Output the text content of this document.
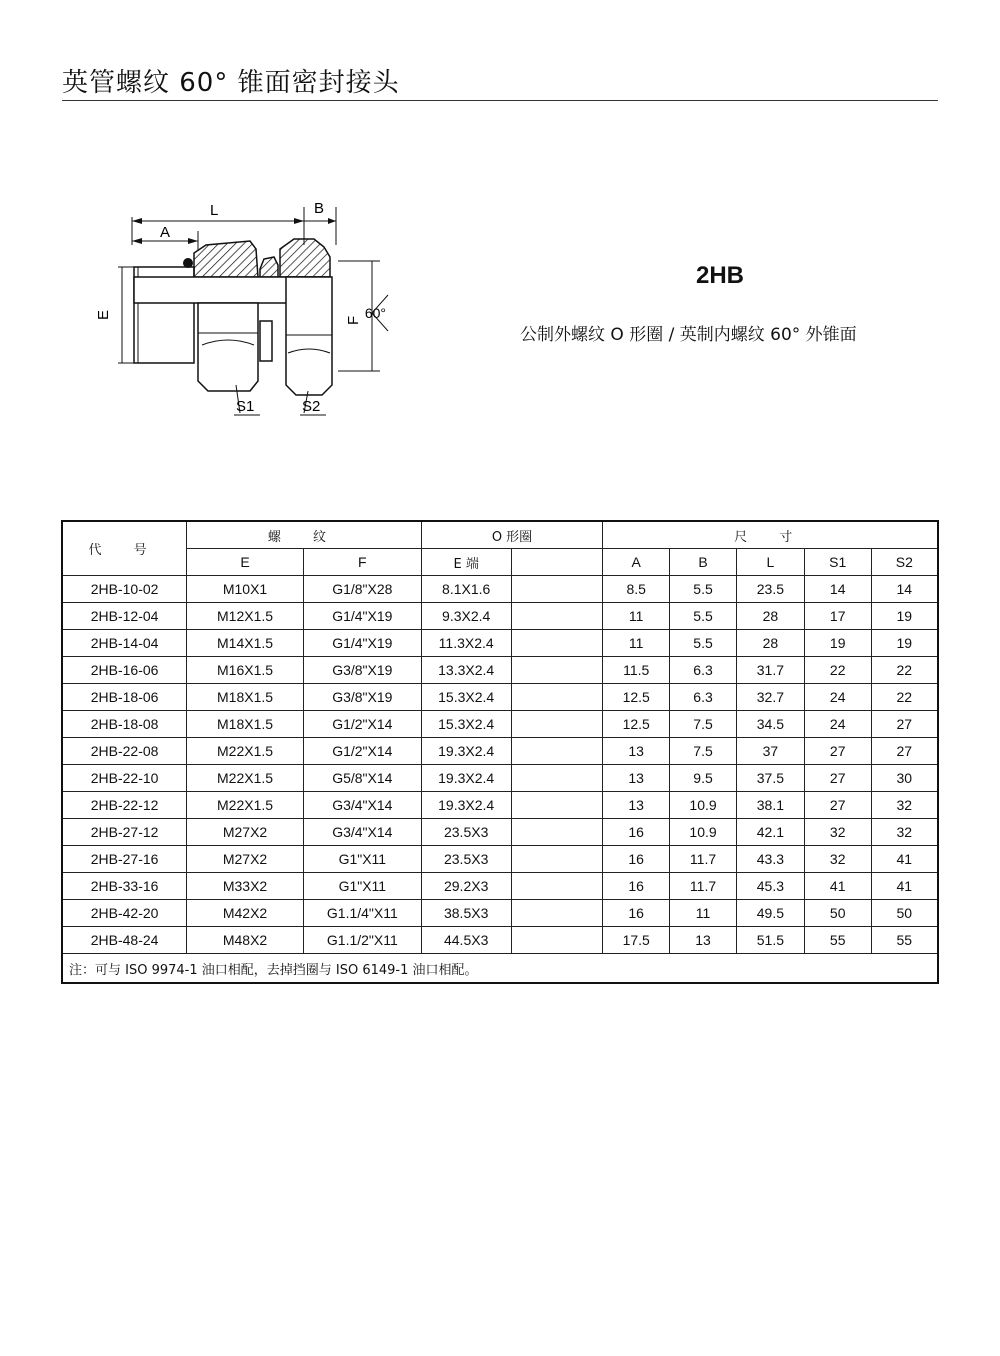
英管螺纹 60° 锥面密封接头
L	B
A
E
F 60°
S1	S2
2HB
公制外螺纹 O 形圈 / 英制内螺纹 60° 外锥面
代 号	螺 纹		O 形圈		尺 寸				
	E	F	E 端		A	B	L	S1	S2
2HB-10-02	M10X1	G1/8"X28	8.1X1.6		8.5	5.5	23.5	14	14
2HB-12-04	M12X1.5	G1/4"X19	9.3X2.4		11	5.5	28	17	19
2HB-14-04	M14X1.5	G1/4"X19	11.3X2.4		11	5.5	28	19	19
2HB-16-06	M16X1.5	G3/8"X19	13.3X2.4		11.5	6.3	31.7	22	22
2HB-18-06	M18X1.5	G3/8"X19	15.3X2.4		12.5	6.3	32.7	24	22
2HB-18-08	M18X1.5	G1/2"X14	15.3X2.4		12.5	7.5	34.5	24	27
2HB-22-08	M22X1.5	G1/2"X14	19.3X2.4		13	7.5	37	27	27
2HB-22-10	M22X1.5	G5/8"X14	19.3X2.4		13	9.5	37.5	27	30
2HB-22-12	M22X1.5	G3/4"X14	19.3X2.4		13	10.9	38.1	27	32
2HB-27-12	M27X2	G3/4"X14	23.5X3		16	10.9	42.1	32	32
2HB-27-16	M27X2	G1"X11	23.5X3		16	11.7	43.3	32	41
2HB-33-16	M33X2	G1"X11	29.2X3		16	11.7	45.3	41	41
2HB-42-20	M42X2	G1.1/4"X11	38.5X3		16	11	49.5	50	50
2HB-48-24	M48X2	G1.1/2"X11	44.5X3		17.5	13	51.5	55	55
注：可与 ISO 9974-1 油口相配，去掉挡圈与 ISO 6149-1 油口相配。									
